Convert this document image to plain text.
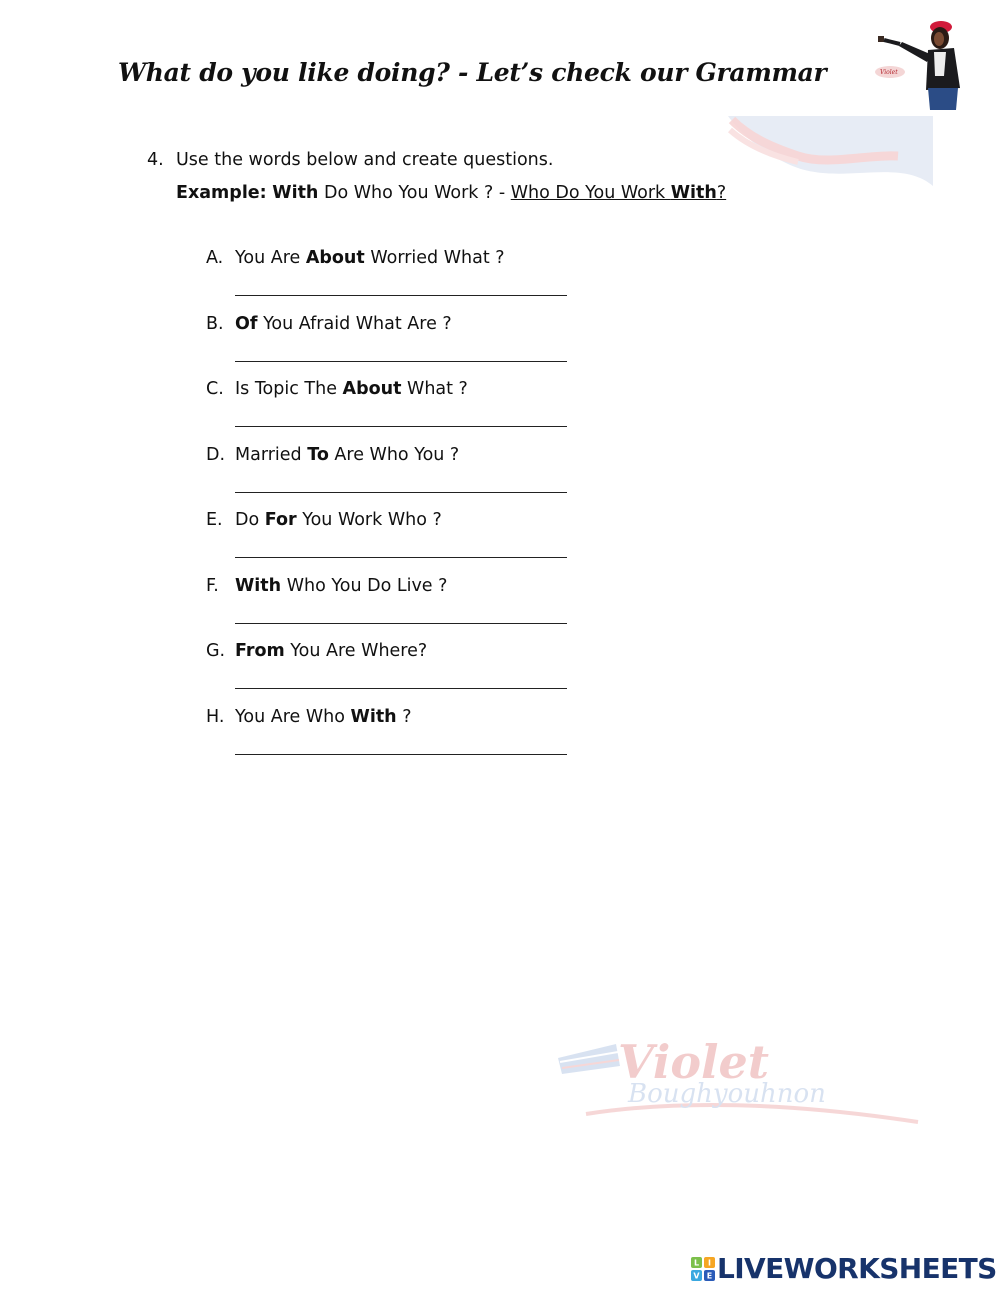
What do you like doing? - Let’s check our Grammar	Violet
4. Use the words below and create questions.
Example: With Do Who You Work ? - Who Do You Work With?
A. You Are About Worried What ?
B. Of You Afraid What Are ?
C. Is Topic The About What ?
D. Married To Are Who You ?
E. Do For You Work Who ?
F. With Who You Do Live ?
G. From You Are Where?
H. You Are Who With ?
Violet
Boughyouhnon
L I
V E LIVEWORKSHEETS
